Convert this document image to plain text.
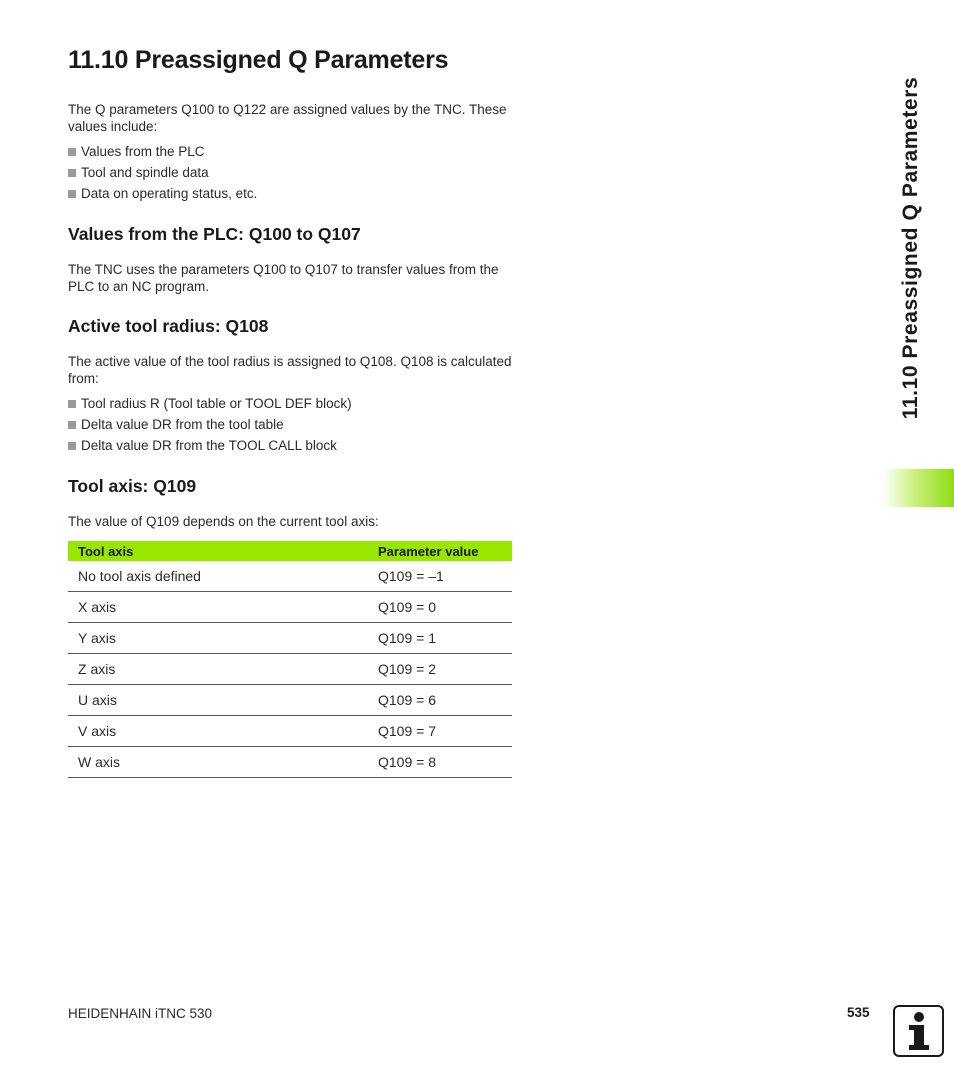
11.10 Preassigned Q Parameters

The Q parameters Q100 to Q122 are assigned values by the TNC. These values include:

Values from the PLC
Tool and spindle data
Data on operating status, etc.
Values from the PLC: Q100 to Q107

The TNC uses the parameters Q100 to Q107 to transfer values from the PLC to an NC program.

Active tool radius: Q108

The active value of the tool radius is assigned to Q108. Q108 is calculated from:

Tool radius R (Tool table or TOOL DEF block)
Delta value DR from the tool table
Delta value DR from the TOOL CALL block
Tool axis: Q109

The value of Q109 depends on the current tool axis:

Tool axis	Parameter value
No tool axis defined	Q109 = –1
X axis	Q109 = 0
Y axis	Q109 = 1
Z axis	Q109 = 2
U axis	Q109 = 6
V axis	Q109 = 7
W axis	Q109 = 8
11.10 Preassigned Q Parameters
HEIDENHAIN iTNC 530	535
